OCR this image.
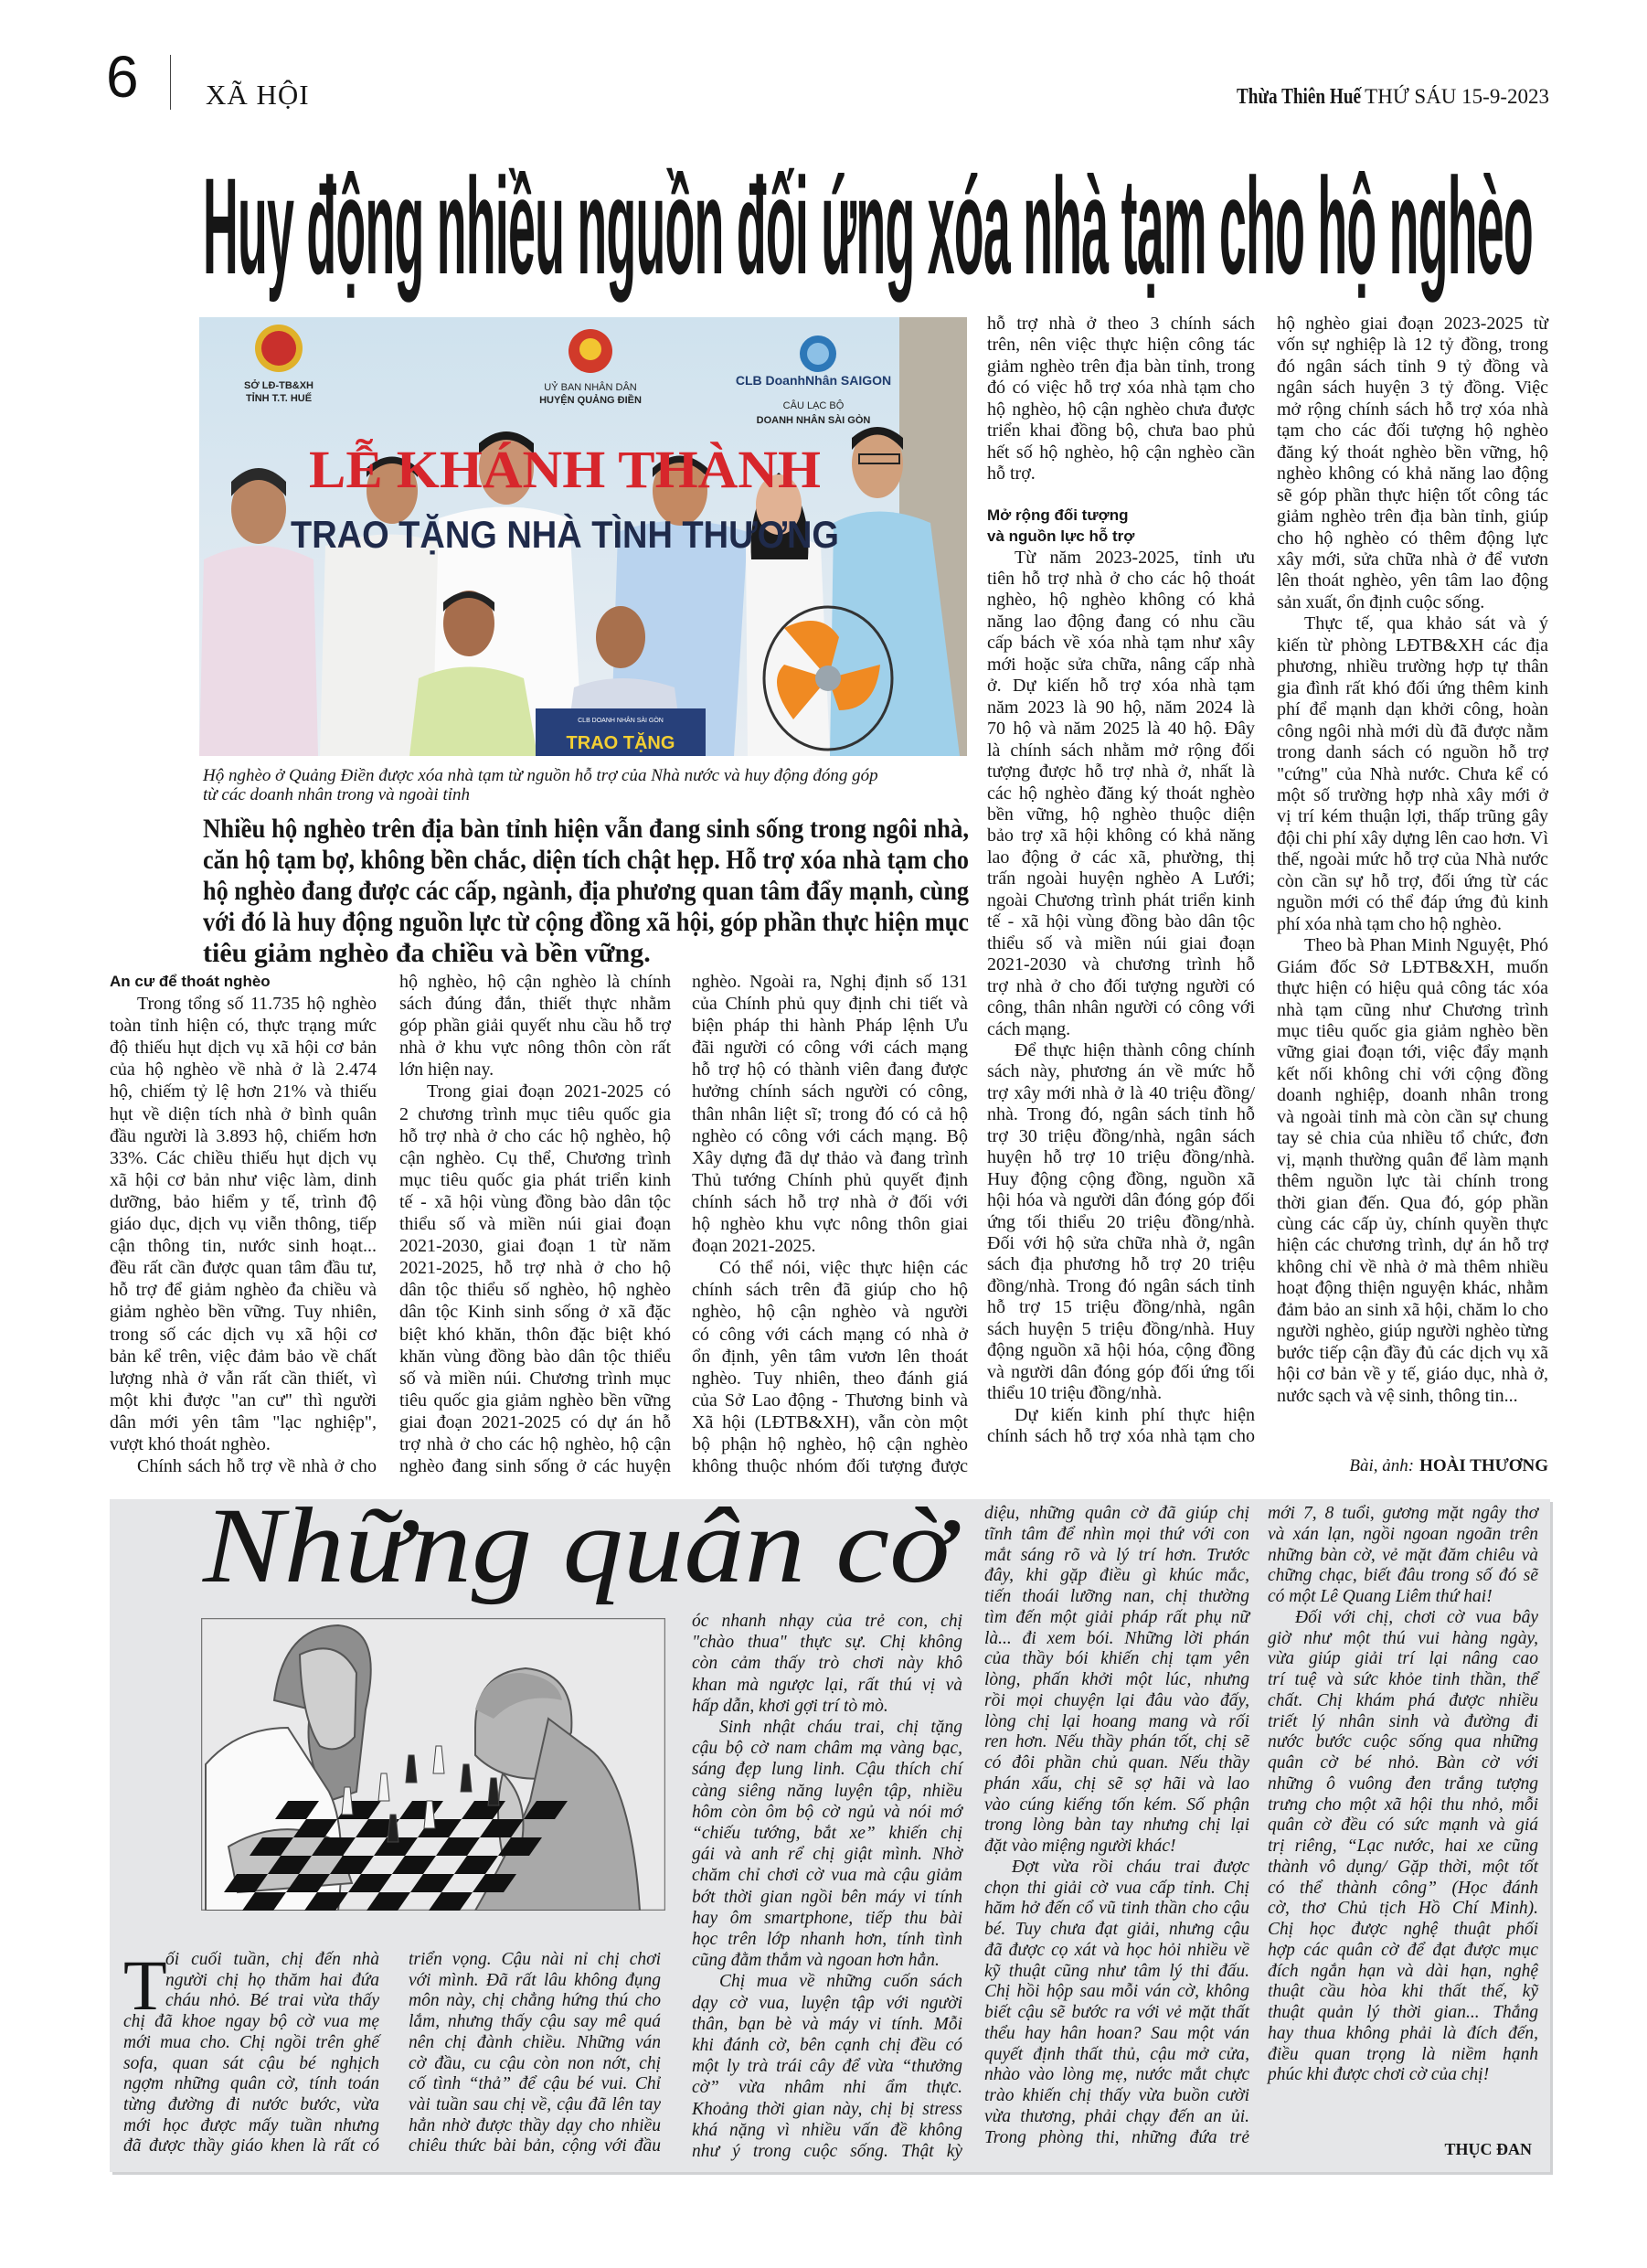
6 XÃ HỘI	Thừa Thiên Huế THỨ SÁU 15-9-2023
Huy động nhiều nguồn đối ứng xóa nhà tạm cho hộ nghèo
SỞ LĐ-TB&XH
TỈNH T.T. HUẾ
UỶ BAN NHÂN DÂN
HUYỆN QUẢNG ĐIỀN
CLB DoanhNhân SAIGON
CÂU LẠC BỘ
DOANH NHÂN SÀI GÒN
CLB DOANH NHÂN SÀI GÒN
TRAO TẶNG
LỄ KHÁNH THÀNH
TRAO TẶNG NHÀ TÌNH THƯƠNG
Hộ nghèo ở Quảng Điền được xóa nhà tạm từ nguồn hỗ trợ của Nhà nước và huy động đóng góp
từ các doanh nhân trong và ngoài tỉnh
Nhiều hộ nghèo trên địa bàn tỉnh hiện vẫn đang sinh sống trong ngôi nhà,
căn hộ tạm bợ, không bền chắc, diện tích chật hẹp. Hỗ trợ xóa nhà tạm cho
hộ nghèo đang được các cấp, ngành, địa phương quan tâm đẩy mạnh, cùng
với đó là huy động nguồn lực từ cộng đồng xã hội, góp phần thực hiện mục
tiêu giảm nghèo đa chiều và bền vững.
An cư để thoát nghèo
Trong tổng số 11.735 hộ nghèo
toàn tỉnh hiện có, thực trạng mức
độ thiếu hụt dịch vụ xã hội cơ bản
của hộ nghèo về nhà ở là 2.474
hộ, chiếm tỷ lệ hơn 21% và thiếu
hụt về diện tích nhà ở bình quân
đầu người là 3.893 hộ, chiếm hơn
33%. Các chiều thiếu hụt dịch vụ
xã hội cơ bản như việc làm, dinh
dưỡng, bảo hiểm y tế, trình độ
giáo dục, dịch vụ viễn thông, tiếp
cận thông tin, nước sinh hoạt...
đều rất cần được quan tâm đầu tư,
hỗ trợ để giảm nghèo đa chiều và
giảm nghèo bền vững. Tuy nhiên,
trong số các dịch vụ xã hội cơ
bản kể trên, việc đảm bảo về chất
lượng nhà ở vẫn rất cần thiết, vì
một khi được "an cư" thì người
dân mới yên tâm "lạc nghiệp",
vượt khó thoát nghèo.
Chính sách hỗ trợ về nhà ở cho
hộ nghèo, hộ cận nghèo là chính
sách đúng đắn, thiết thực nhằm
góp phần giải quyết nhu cầu hỗ trợ
nhà ở khu vực nông thôn còn rất
lớn hiện nay.
Trong giai đoạn 2021-2025 có
2 chương trình mục tiêu quốc gia
hỗ trợ nhà ở cho các hộ nghèo, hộ
cận nghèo. Cụ thể, Chương trình
mục tiêu quốc gia phát triển kinh
tế - xã hội vùng đồng bào dân tộc
thiểu số và miền núi giai đoạn
2021-2030, giai đoạn 1 từ năm
2021-2025, hỗ trợ nhà ở cho hộ
dân tộc thiểu số nghèo, hộ nghèo
dân tộc Kinh sinh sống ở xã đặc
biệt khó khăn, thôn đặc biệt khó
khăn vùng đồng bào dân tộc thiểu
số và miền núi. Chương trình mục
tiêu quốc gia giảm nghèo bền vững
giai đoạn 2021-2025 có dự án hỗ
trợ nhà ở cho các hộ nghèo, hộ cận
nghèo đang sinh sống ở các huyện
nghèo. Ngoài ra, Nghị định số 131
của Chính phủ quy định chi tiết và
biện pháp thi hành Pháp lệnh Ưu
đãi người có công với cách mạng
hỗ trợ hộ có thành viên đang được
hưởng chính sách người có công,
thân nhân liệt sĩ; trong đó có cả hộ
nghèo có công với cách mạng. Bộ
Xây dựng đã dự thảo và đang trình
Thủ tướng Chính phủ quyết định
chính sách hỗ trợ nhà ở đối với
hộ nghèo khu vực nông thôn giai
đoạn 2021-2025.
Có thể nói, việc thực hiện các
chính sách trên đã giúp cho hộ
nghèo, hộ cận nghèo và người
có công với cách mạng có nhà ở
ổn định, yên tâm vươn lên thoát
nghèo. Tuy nhiên, theo đánh giá
của Sở Lao động - Thương binh và
Xã hội (LĐTB&XH), vẫn còn một
bộ phận hộ nghèo, hộ cận nghèo
không thuộc nhóm đối tượng được
hỗ trợ nhà ở theo 3 chính sách
trên, nên việc thực hiện công tác
giảm nghèo trên địa bàn tỉnh, trong
đó có việc hỗ trợ xóa nhà tạm cho
hộ nghèo, hộ cận nghèo chưa được
triển khai đồng bộ, chưa bao phủ
hết số hộ nghèo, hộ cận nghèo cần
hỗ trợ.
Mở rộng đối tượng
và nguồn lực hỗ trợ
Từ năm 2023-2025, tỉnh ưu
tiên hỗ trợ nhà ở cho các hộ thoát
nghèo, hộ nghèo không có khả
năng lao động đang có nhu cầu
cấp bách về xóa nhà tạm như xây
mới hoặc sửa chữa, nâng cấp nhà
ở. Dự kiến hỗ trợ xóa nhà tạm
năm 2023 là 90 hộ, năm 2024 là
70 hộ và năm 2025 là 40 hộ. Đây
là chính sách nhằm mở rộng đối
tượng được hỗ trợ nhà ở, nhất là
các hộ nghèo đăng ký thoát nghèo
bền vững, hộ nghèo thuộc diện
bảo trợ xã hội không có khả năng
lao động ở các xã, phường, thị
trấn ngoài huyện nghèo A Lưới;
ngoài Chương trình phát triển kinh
tế - xã hội vùng đồng bào dân tộc
thiểu số và miền núi giai đoạn
2021-2030 và chương trình hỗ
trợ nhà ở cho đối tượng người có
công, thân nhân người có công với
cách mạng.
Để thực hiện thành công chính
sách này, phương án về mức hỗ
trợ xây mới nhà ở là 40 triệu đồng/
nhà. Trong đó, ngân sách tỉnh hỗ
trợ 30 triệu đồng/nhà, ngân sách
huyện hỗ trợ 10 triệu đồng/nhà.
Huy động cộng đồng, nguồn xã
hội hóa và người dân đóng góp đối
ứng tối thiểu 20 triệu đồng/nhà.
Đối với hộ sửa chữa nhà ở, ngân
sách địa phương hỗ trợ 20 triệu
đồng/nhà. Trong đó ngân sách tỉnh
hỗ trợ 15 triệu đồng/nhà, ngân
sách huyện 5 triệu đồng/nhà. Huy
động nguồn xã hội hóa, cộng đồng
và người dân đóng góp đối ứng tối
thiểu 10 triệu đồng/nhà.
Dự kiến kinh phí thực hiện
chính sách hỗ trợ xóa nhà tạm cho
hộ nghèo giai đoạn 2023-2025 từ
vốn sự nghiệp là 12 tỷ đồng, trong
đó ngân sách tỉnh 9 tỷ đồng và
ngân sách huyện 3 tỷ đồng. Việc
mở rộng chính sách hỗ trợ xóa nhà
tạm cho các đối tượng hộ nghèo
đăng ký thoát nghèo bền vững, hộ
nghèo không có khả năng lao động
sẽ góp phần thực hiện tốt công tác
giảm nghèo trên địa bàn tỉnh, giúp
cho hộ nghèo có thêm động lực
xây mới, sửa chữa nhà ở để vươn
lên thoát nghèo, yên tâm lao động
sản xuất, ổn định cuộc sống.
Thực tế, qua khảo sát và ý
kiến từ phòng LĐTB&XH các địa
phương, nhiều trường hợp tự thân
gia đình rất khó đối ứng thêm kinh
phí để mạnh dạn khởi công, hoàn
công ngôi nhà mới dù đã được nằm
trong danh sách có nguồn hỗ trợ
"cứng" của Nhà nước. Chưa kể có
một số trường hợp nhà xây mới ở
vị trí kém thuận lợi, thấp trũng gây
đội chi phí xây dựng lên cao hơn. Vì
thế, ngoài mức hỗ trợ của Nhà nước
còn cần sự hỗ trợ, đối ứng từ các
nguồn mới có thể đáp ứng đủ kinh
phí xóa nhà tạm cho hộ nghèo.
Theo bà Phan Minh Nguyệt, Phó
Giám đốc Sở LĐTB&XH, muốn
thực hiện có hiệu quả công tác xóa
nhà tạm cũng như Chương trình
mục tiêu quốc gia giảm nghèo bền
vững giai đoạn tới, việc đẩy mạnh
kết nối không chỉ với cộng đồng
doanh nghiệp, doanh nhân trong
và ngoài tỉnh mà còn cần sự chung
tay sẻ chia của nhiều tổ chức, đơn
vị, mạnh thường quân để làm mạnh
thêm nguồn lực tài chính trong
thời gian đến. Qua đó, góp phần
cùng các cấp ủy, chính quyền thực
hiện các chương trình, dự án hỗ trợ
không chỉ về nhà ở mà thêm nhiều
hoạt động thiện nguyện khác, nhằm
đảm bảo an sinh xã hội, chăm lo cho
người nghèo, giúp người nghèo từng
bước tiếp cận đầy đủ các dịch vụ xã
hội cơ bản về y tế, giáo dục, nhà ở,
nước sạch và vệ sinh, thông tin...
Bài, ảnh: HOÀI THƯƠNG
Những quân cờ
T
ối cuối tuần, chị đến nhà
người chị họ thăm hai đứa
cháu nhỏ. Bé trai vừa thấy
chị đã khoe ngay bộ cờ vua mẹ
mới mua cho. Chị ngồi trên ghế
sofa, quan sát cậu bé nghịch
ngợm những quân cờ, tính toán
từng đường đi nước bước, vừa
mới học được mấy tuần nhưng
đã được thầy giáo khen là rất có
triển vọng. Cậu nài nỉ chị chơi
với mình. Đã rất lâu không đụng
môn này, chị chẳng hứng thú cho
lắm, nhưng thấy cậu say mê quá
nên chị đành chiều. Những ván
cờ đầu, cu cậu còn non nớt, chị
cố tình “thả” để cậu bé vui. Chỉ
vài tuần sau chị về, cậu đã lên tay
hẳn nhờ được thầy dạy cho nhiều
chiêu thức bài bản, cộng với đầu
óc nhanh nhạy của trẻ con, chị
"chào thua" thực sự. Chị không
còn cảm thấy trò chơi này khô
khan mà ngược lại, rất thú vị và
hấp dẫn, khơi gợi trí tò mò.
Sinh nhật cháu trai, chị tặng
cậu bộ cờ nam châm mạ vàng bạc,
sáng đẹp lung linh. Cậu thích chí
càng siêng năng luyện tập, nhiều
hôm còn ôm bộ cờ ngủ và nói mớ
“chiếu tướng, bắt xe” khiến chị
gái và anh rể chị giật mình. Nhờ
chăm chỉ chơi cờ vua mà cậu giảm
bớt thời gian ngồi bên máy vi tính
hay ôm smartphone, tiếp thu bài
học trên lớp nhanh hơn, tính tình
cũng đằm thắm và ngoan hơn hẳn.
Chị mua về những cuốn sách
dạy cờ vua, luyện tập với người
thân, bạn bè và máy vi tính. Mỗi
khi đánh cờ, bên cạnh chị đều có
một ly trà trái cây để vừa “thưởng
cờ” vừa nhâm nhi ẩm thực.
Khoảng thời gian này, chị bị stress
khá nặng vì nhiều vấn đề không
như ý trong cuộc sống. Thật kỳ
diệu, những quân cờ đã giúp chị
tĩnh tâm để nhìn mọi thứ với con
mắt sáng rõ và lý trí hơn. Trước
đây, khi gặp điều gì khúc mắc,
tiến thoái lưỡng nan, chị thường
tìm đến một giải pháp rất phụ nữ
là... đi xem bói. Những lời phán
của thầy bói khiến chị tạm yên
lòng, phấn khởi một lúc, nhưng
rồi mọi chuyện lại đâu vào đấy,
lòng chị lại hoang mang và rối
ren hơn. Nếu thầy phán tốt, chị sẽ
có đôi phần chủ quan. Nếu thầy
phán xấu, chị sẽ sợ hãi và lao
vào cúng kiếng tốn kém. Số phận
trong lòng bàn tay nhưng chị lại
đặt vào miệng người khác!
Đợt vừa rồi cháu trai được
chọn thi giải cờ vua cấp tỉnh. Chị
hăm hở đến cổ vũ tinh thần cho cậu
bé. Tuy chưa đạt giải, nhưng cậu
đã được cọ xát và học hỏi nhiều về
kỹ thuật cũng như tâm lý thi đấu.
Chị hồi hộp sau mỗi ván cờ, không
biết cậu sẽ bước ra với vẻ mặt thất
thểu hay hân hoan? Sau một ván
quyết định thất thủ, cậu mở cửa,
nhào vào lòng mẹ, nước mắt chực
trào khiến chị thấy vừa buồn cười
vừa thương, phải chạy đến an ủi.
Trong phòng thi, những đứa trẻ
mới 7, 8 tuổi, gương mặt ngây thơ
và xán lạn, ngồi ngoan ngoãn trên
những bàn cờ, vẻ mặt đăm chiêu và
chững chạc, biết đâu trong số đó sẽ
có một Lê Quang Liêm thứ hai!
Đối với chị, chơi cờ vua bây
giờ như một thú vui hàng ngày,
vừa giúp giải trí lại nâng cao
trí tuệ và sức khỏe tinh thần, thể
chất. Chị khám phá được nhiều
triết lý nhân sinh và đường đi
nước bước cuộc sống qua những
quân cờ bé nhỏ. Bàn cờ với
những ô vuông đen trắng tượng
trưng cho một xã hội thu nhỏ, mỗi
quân cờ đều có sức mạnh và giá
trị riêng, “Lạc nước, hai xe cũng
thành vô dụng/ Gặp thời, một tốt
có thể thành công” (Học đánh
cờ, thơ Chủ tịch Hồ Chí Minh).
Chị học được nghệ thuật phối
hợp các quân cờ để đạt được mục
đích ngắn hạn và dài hạn, nghệ
thuật cầu hòa khi thất thế, kỹ
thuật quản lý thời gian... Thắng
hay thua không phải là đích đến,
điều quan trọng là niềm hạnh
phúc khi được chơi cờ của chị!
THỤC ĐAN
